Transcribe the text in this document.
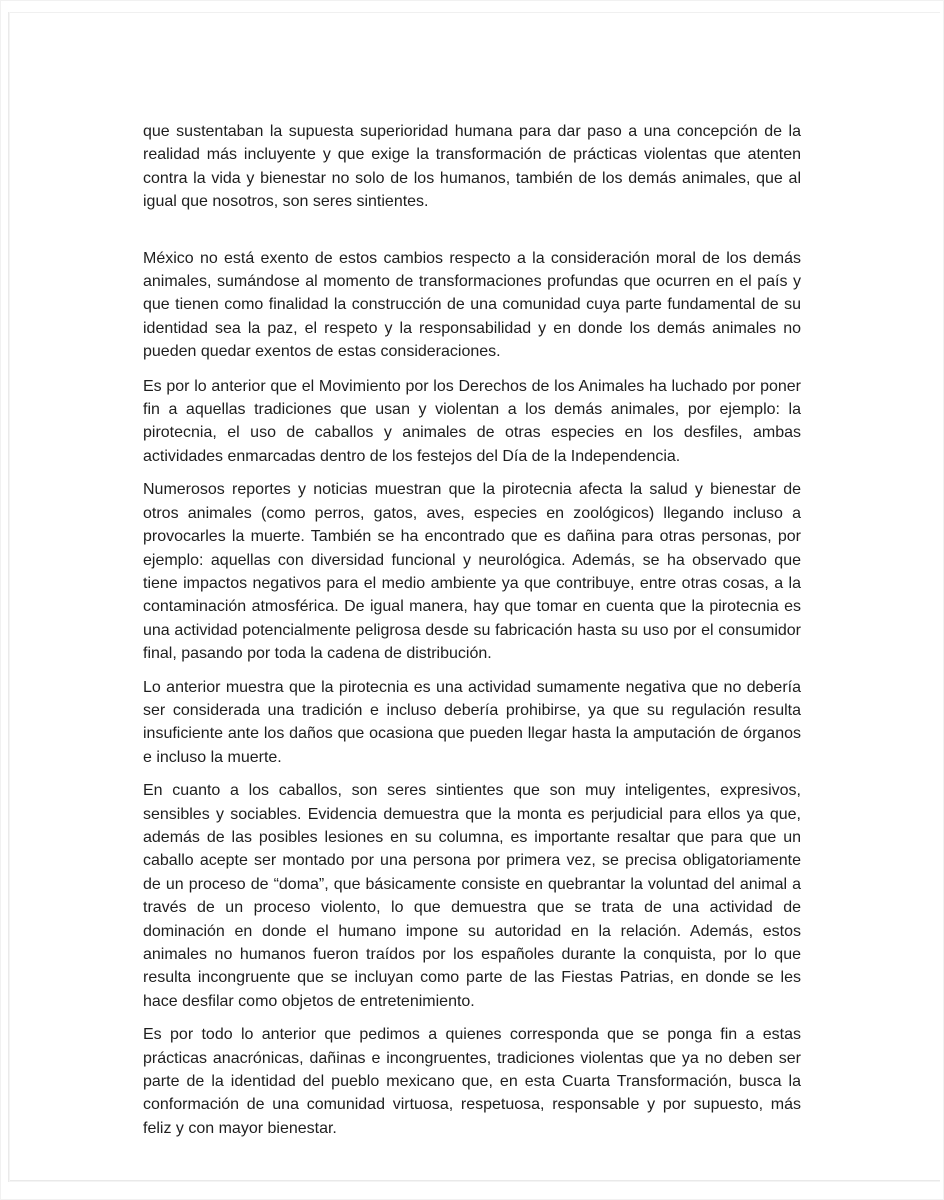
que sustentaban la supuesta superioridad humana para dar paso a una concepción de la realidad más incluyente y que exige la transformación de prácticas violentas que atenten contra la vida y bienestar no solo de los humanos, también de los demás animales, que al igual que nosotros, son seres sintientes.

México no está exento de estos cambios respecto a la consideración moral de los demás animales, sumándose al momento de transformaciones profundas que ocurren en el país y que tienen como finalidad la construcción de una comunidad cuya parte fundamental de su identidad sea la paz, el respeto y la responsabilidad y en donde los demás animales no pueden quedar exentos de estas consideraciones.

Es por lo anterior que el Movimiento por los Derechos de los Animales ha luchado por poner fin a aquellas tradiciones que usan y violentan a los demás animales, por ejemplo: la pirotecnia, el uso de caballos y animales de otras especies en los desfiles, ambas actividades enmarcadas dentro de los festejos del Día de la Independencia.

Numerosos reportes y noticias muestran que la pirotecnia afecta la salud y bienestar de otros animales (como perros, gatos, aves, especies en zoológicos) llegando incluso a provocarles la muerte. También se ha encontrado que es dañina para otras personas, por ejemplo: aquellas con diversidad funcional y neurológica. Además, se ha observado que tiene impactos negativos para el medio ambiente ya que contribuye, entre otras cosas, a la contaminación atmosférica. De igual manera, hay que tomar en cuenta que la pirotecnia es una actividad potencialmente peligrosa desde su fabricación hasta su uso por el consumidor final, pasando por toda la cadena de distribución.

Lo anterior muestra que la pirotecnia es una actividad sumamente negativa que no debería ser considerada una tradición e incluso debería prohibirse, ya que su regulación resulta insuficiente ante los daños que ocasiona que pueden llegar hasta la amputación de órganos e incluso la muerte.

En cuanto a los caballos, son seres sintientes que son muy inteligentes, expresivos, sensibles y sociables. Evidencia demuestra que la monta es perjudicial para ellos ya que, además de las posibles lesiones en su columna, es importante resaltar que para que un caballo acepte ser montado por una persona por primera vez, se precisa obligatoriamente de un proceso de “doma”, que básicamente consiste en quebrantar la voluntad del animal a través de un proceso violento, lo que demuestra que se trata de una actividad de dominación en donde el humano impone su autoridad en la relación. Además, estos animales no humanos fueron traídos por los españoles durante la conquista, por lo que resulta incongruente que se incluyan como parte de las Fiestas Patrias, en donde se les hace desfilar como objetos de entretenimiento.

Es por todo lo anterior que pedimos a quienes corresponda que se ponga fin a estas prácticas anacrónicas, dañinas e incongruentes, tradiciones violentas que ya no deben ser parte de la identidad del pueblo mexicano que, en esta Cuarta Transformación, busca la conformación de una comunidad virtuosa, respetuosa, responsable y por supuesto, más feliz y con mayor bienestar.
